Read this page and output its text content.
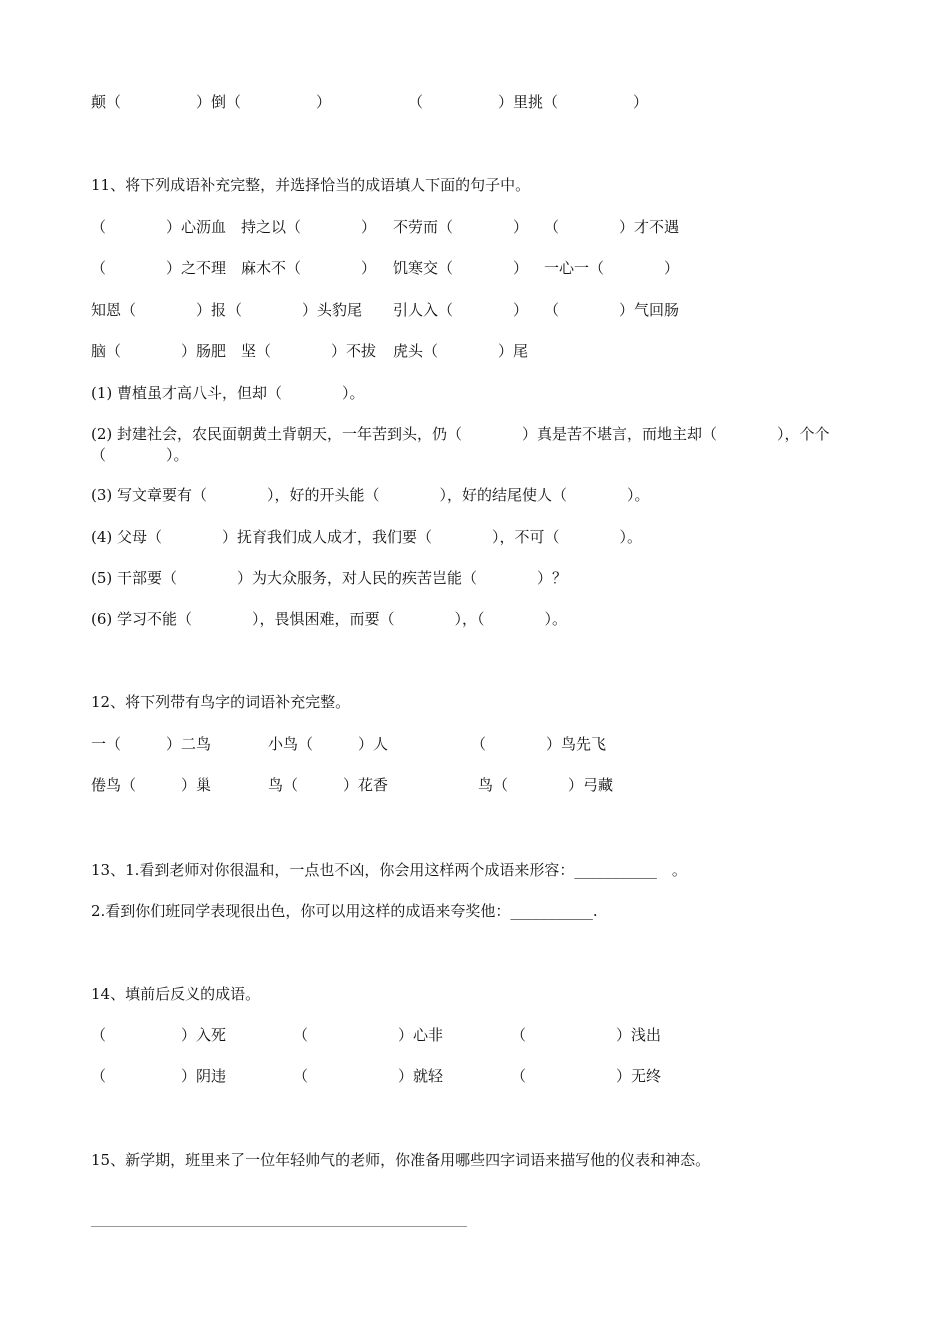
颠（　　　　　）倒（　　　　　）	（　　　　　）里挑（　　　　　）
11、将下列成语补充完整，并选择恰当的成语填人下面的句子中。
（　　　　）心沥血 持之以（　　　　） 不劳而（　　　　） （　　　　）才不遇
（　　　　）之不理 麻木不（　　　　） 饥寒交（　　　　） 一心一（　　　　）
知恩（　　　　）报 （　　　　）头豹尾 引人入（　　　　） （　　　　）气回肠
脑（　　　　）肠肥 坚（　　　　）不拔 虎头（　　　　）尾
(1) 曹植虽才高八斗，但却（　　　　）。
(2) 封建社会，农民面朝黄土背朝天，一年苦到头，仍（　　　　）真是苦不堪言，而地主却（　　　　），个个（　　　　）。
(3) 写文章要有（　　　　），好的开头能（　　　　），好的结尾使人（　　　　）。
(4) 父母（　　　　）抚育我们成人成才，我们要（　　　　），不可（　　　　）。
(5) 干部要（　　　　）为大众服务，对人民的疾苦岂能（　　　　）？
(6) 学习不能（　　　　），畏惧困难，而要（　　　　），（　　　　）。
12、将下列带有鸟字的词语补充完整。
一（　　　）二鸟	小鸟（　　　）人	（　　　　）鸟先飞
倦鸟（　　　）巢	鸟（　　　）花香	鸟（　　　　）弓藏
13、1.看到老师对你很温和，一点也不凶，你会用这样两个成语来形容：___________　。
2.看到你们班同学表现很出色，你可以用这样的成语来夸奖他：___________.
14、填前后反义的成语。
（　　　　　）入死	（　　　　　　）心非	（　　　　　　）浅出
（　　　　　）阴违	（　　　　　　）就轻	（　　　　　　）无终
15、新学期，班里来了一位年轻帅气的老师，你准备用哪些四字词语来描写他的仪表和神态。
